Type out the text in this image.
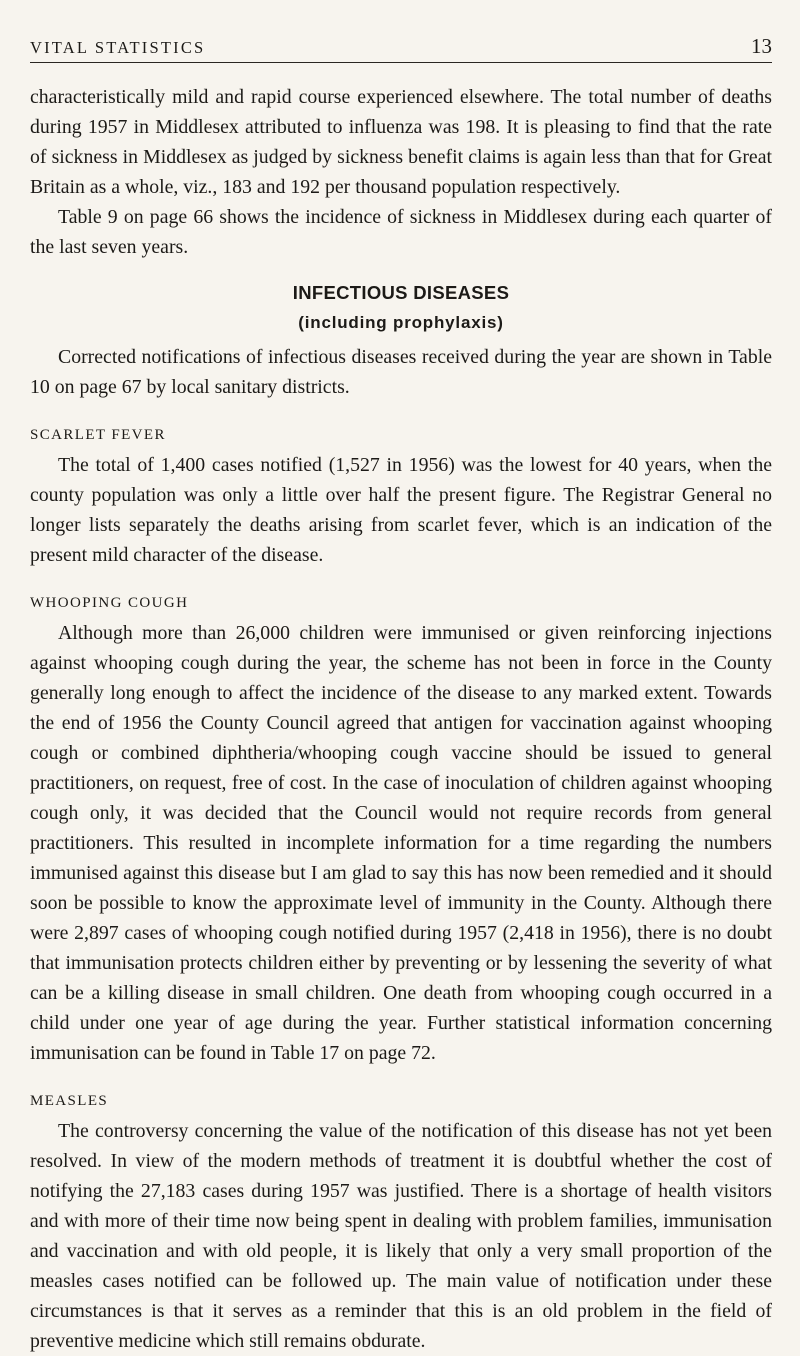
VITAL STATISTICS	13

characteristically mild and rapid course experienced elsewhere. The total number of deaths during 1957 in Middlesex attributed to influenza was 198. It is pleasing to find that the rate of sickness in Middlesex as judged by sickness benefit claims is again less than that for Great Britain as a whole, viz., 183 and 192 per thousand population respectively.

Table 9 on page 66 shows the incidence of sickness in Middlesex during each quarter of the last seven years.

INFECTIOUS DISEASES
(including prophylaxis)

Corrected notifications of infectious diseases received during the year are shown in Table 10 on page 67 by local sanitary districts.

SCARLET FEVER

The total of 1,400 cases notified (1,527 in 1956) was the lowest for 40 years, when the county population was only a little over half the present figure. The Registrar General no longer lists separately the deaths arising from scarlet fever, which is an indication of the present mild character of the disease.

WHOOPING COUGH

Although more than 26,000 children were immunised or given reinforcing injections against whooping cough during the year, the scheme has not been in force in the County generally long enough to affect the incidence of the disease to any marked extent. Towards the end of 1956 the County Council agreed that antigen for vaccination against whooping cough or combined diphtheria/whooping cough vaccine should be issued to general practitioners, on request, free of cost. In the case of inoculation of children against whooping cough only, it was decided that the Council would not require records from general practitioners. This resulted in incomplete information for a time regarding the numbers immunised against this disease but I am glad to say this has now been remedied and it should soon be possible to know the approximate level of immunity in the County. Although there were 2,897 cases of whooping cough notified during 1957 (2,418 in 1956), there is no doubt that immunisation protects children either by preventing or by lessening the severity of what can be a killing disease in small children. One death from whooping cough occurred in a child under one year of age during the year. Further statistical information concerning immunisation can be found in Table 17 on page 72.

MEASLES

The controversy concerning the value of the notification of this disease has not yet been resolved. In view of the modern methods of treatment it is doubtful whether the cost of notifying the 27,183 cases during 1957 was justified. There is a shortage of health visitors and with more of their time now being spent in dealing with problem families, immunisation and vaccination and with old people, it is likely that only a very small proportion of the measles cases notified can be followed up. The main value of notification under these circumstances is that it serves as a reminder that this is an old problem in the field of preventive medicine which still remains obdurate.
